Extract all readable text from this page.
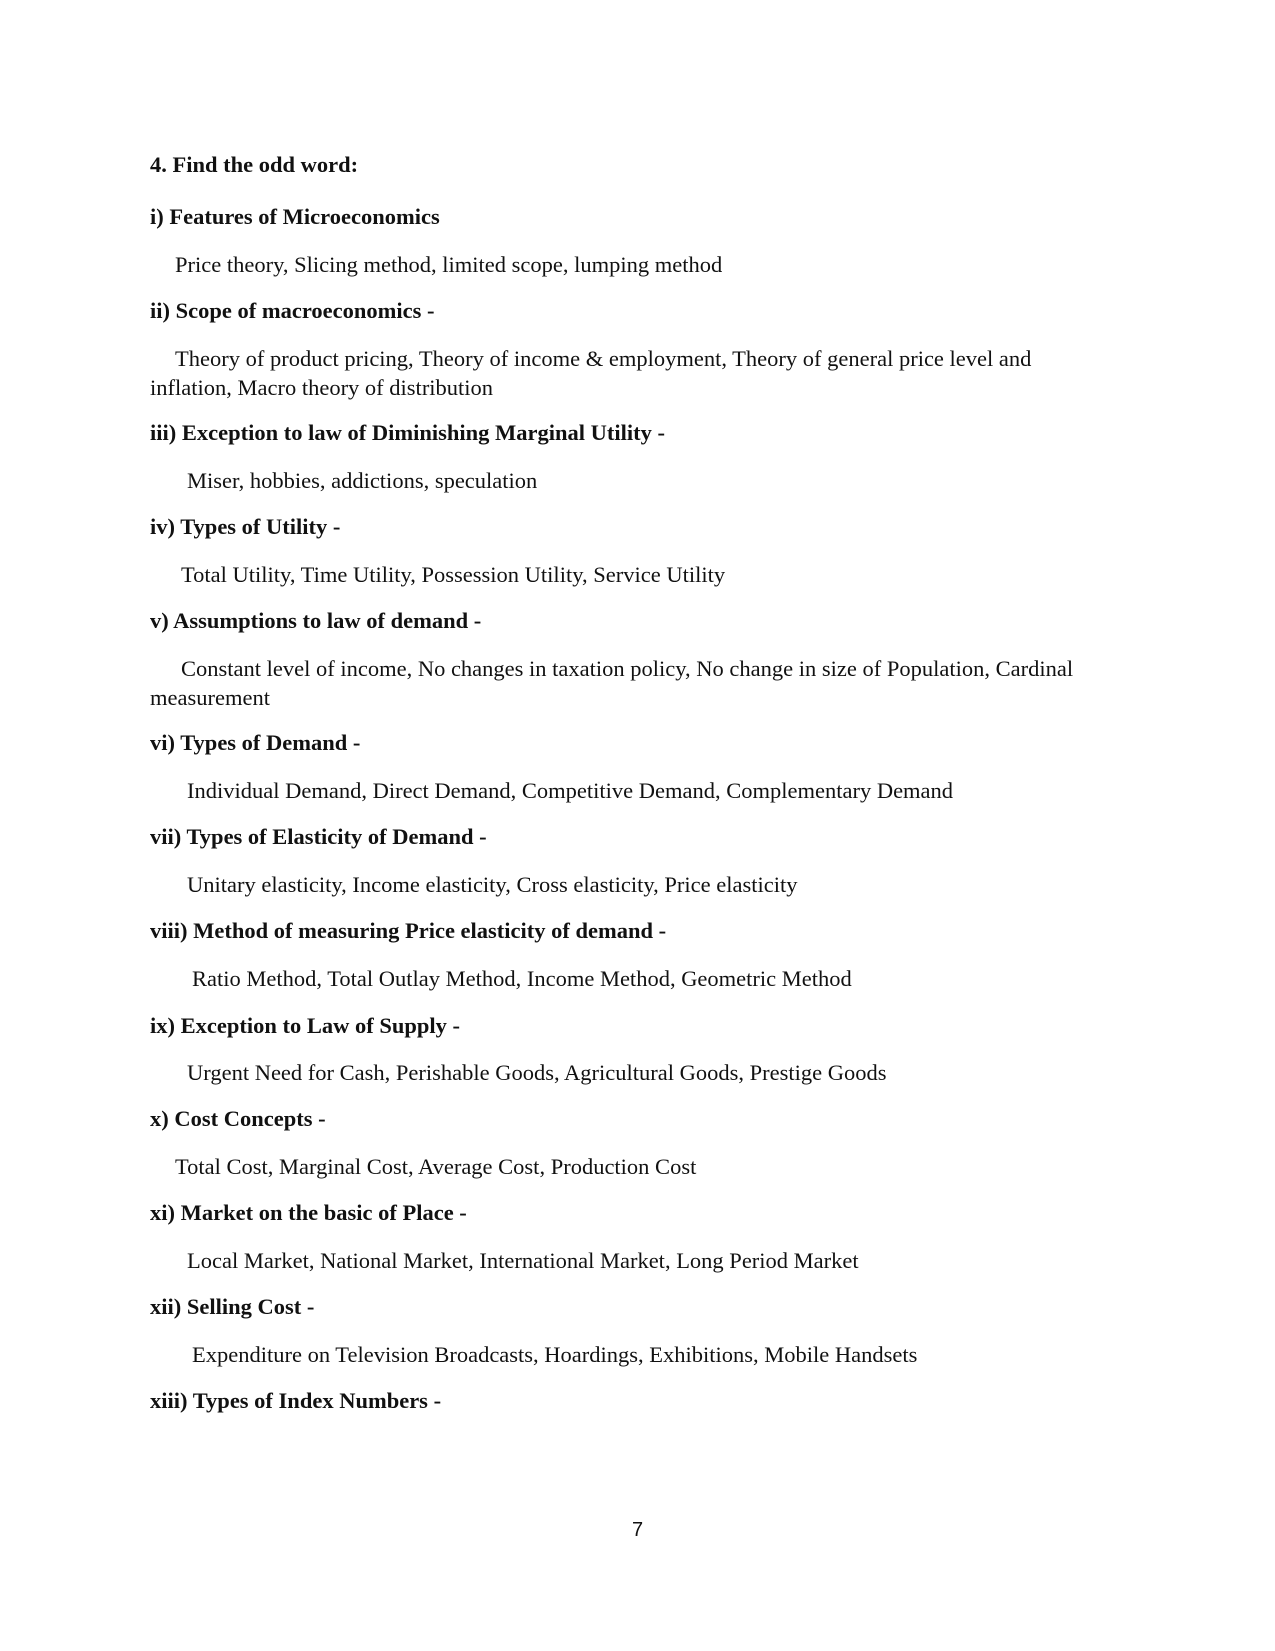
4. Find the odd word:
i) Features of Microeconomics
Price theory, Slicing method, limited scope, lumping method
ii) Scope of macroeconomics -
Theory of product pricing, Theory of income & employment, Theory of general price level and inflation, Macro theory of distribution
iii) Exception to law of Diminishing Marginal Utility -
Miser, hobbies, addictions, speculation
iv) Types of Utility -
Total Utility, Time Utility, Possession Utility, Service Utility
v) Assumptions to law of demand -
Constant level of income, No changes in taxation policy, No change in size of Population, Cardinal measurement
vi) Types of Demand -
Individual Demand, Direct Demand, Competitive Demand, Complementary Demand
vii) Types of Elasticity of Demand -
Unitary elasticity, Income elasticity, Cross elasticity, Price elasticity
viii) Method of measuring Price elasticity of demand -
Ratio Method, Total Outlay Method, Income Method, Geometric Method
ix) Exception to Law of Supply -
Urgent Need for Cash, Perishable Goods, Agricultural Goods, Prestige Goods
x) Cost Concepts -
Total Cost, Marginal Cost, Average Cost, Production Cost
xi) Market on the basic of Place -
Local Market, National Market, International Market, Long Period Market
xii) Selling Cost -
Expenditure on Television Broadcasts, Hoardings, Exhibitions, Mobile Handsets
xiii) Types of Index Numbers -
7
